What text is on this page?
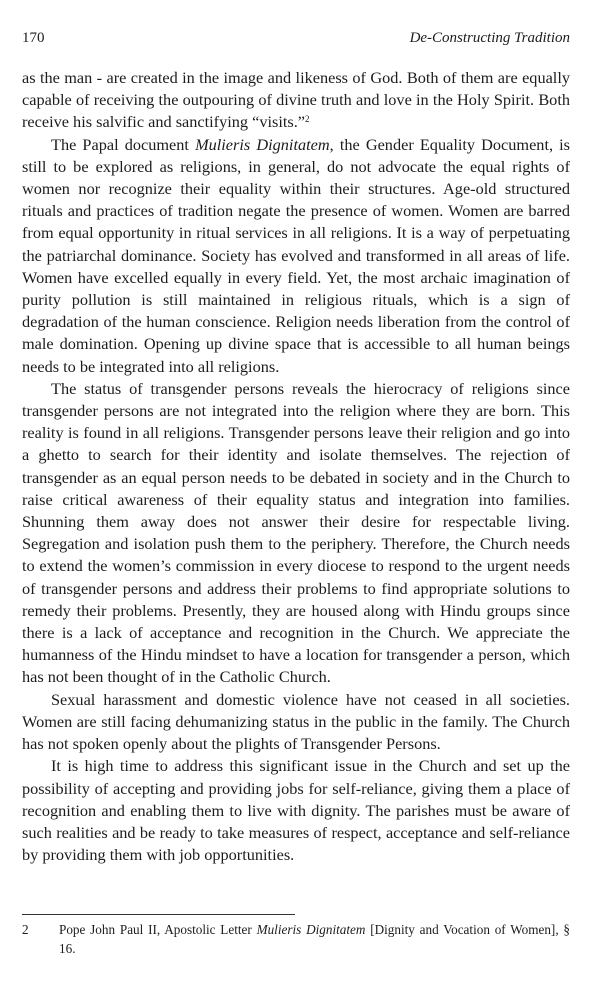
170	De-Constructing Tradition

as the man - are created in the image and likeness of God. Both of them are equally capable of receiving the outpouring of divine truth and love in the Holy Spirit. Both receive his salvific and sanctifying “visits.”$^2$

The Papal document Mulieris Dignitatem, the Gender Equality Document, is still to be explored as religions, in general, do not advocate the equal rights of women nor recognize their equality within their structures. Age-old structured rituals and practices of tradition negate the presence of women. Women are barred from equal opportunity in ritual services in all religions. It is a way of perpetuating the patriarchal dominance. Society has evolved and transformed in all areas of life. Women have excelled equally in every field. Yet, the most archaic imagination of purity pollution is still maintained in religious rituals, which is a sign of degradation of the human conscience. Religion needs liberation from the control of male domination. Opening up divine space that is accessible to all human beings needs to be integrated into all religions.

The status of transgender persons reveals the hierocracy of religions since transgender persons are not integrated into the religion where they are born. This reality is found in all religions. Transgender persons leave their religion and go into a ghetto to search for their identity and isolate themselves. The rejection of transgender as an equal person needs to be debated in society and in the Church to raise critical awareness of their equality status and integration into families. Shunning them away does not answer their desire for respectable living. Segregation and isolation push them to the periphery. Therefore, the Church needs to extend the women’s commission in every diocese to respond to the urgent needs of transgender persons and address their problems to find appropriate solutions to remedy their problems. Presently, they are housed along with Hindu groups since there is a lack of acceptance and recognition in the Church. We appreciate the humanness of the Hindu mindset to have a location for transgender a person, which has not been thought of in the Catholic Church.

Sexual harassment and domestic violence have not ceased in all societies. Women are still facing dehumanizing status in the public in the family. The Church has not spoken openly about the plights of Transgender Persons.

It is high time to address this significant issue in the Church and set up the possibility of accepting and providing jobs for self-reliance, giving them a place of recognition and enabling them to live with dignity. The parishes must be aware of such realities and be ready to take measures of respect, acceptance and self-reliance by providing them with job opportunities.

2	Pope John Paul II, Apostolic Letter Mulieris Dignitatem [Dignity and Vocation of Women], § 16.
